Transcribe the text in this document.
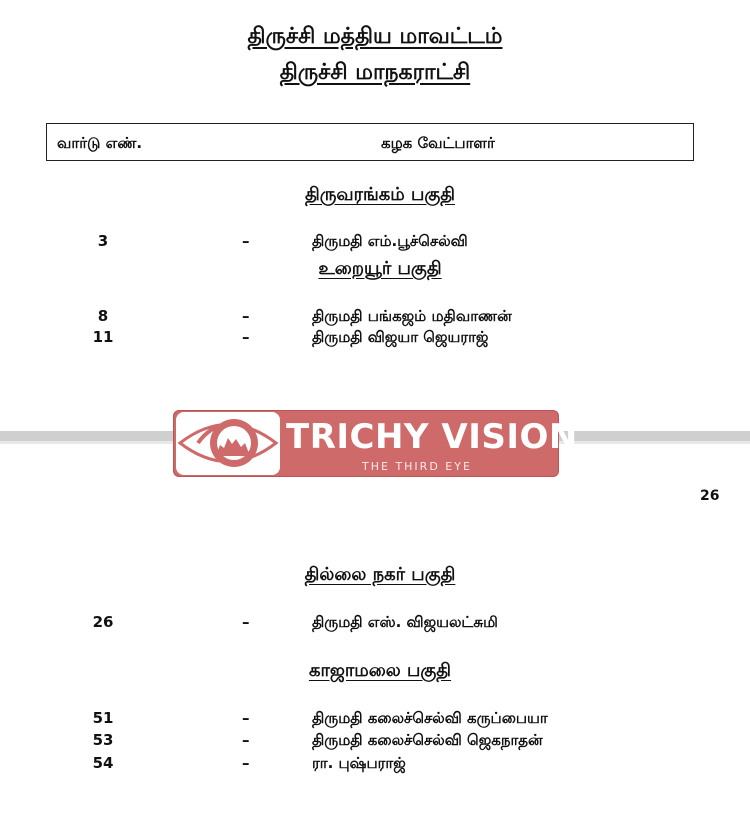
திருச்சி மத்திய மாவட்டம்
திருச்சி மாநகராட்சி
வார்டு எண்.	கழக வேட்பாளர்
திருவரங்கம் பகுதி
3	–	திருமதி எம்.பூச்செல்வி
உறையூர் பகுதி
8	–	திருமதி பங்கஜம் மதிவாணன்
11	–	திருமதி விஜயா ஜெயராஜ்
TRICHY VISION
THE THIRD EYE
26
தில்லை நகர் பகுதி
26	–	திருமதி எஸ். விஜயலட்சுமி
காஜாமலை பகுதி
51	–	திருமதி கலைச்செல்வி கருப்பையா
53	–	திருமதி கலைச்செல்வி ஜெகநாதன்
54	–	ரா. புஷ்பராஜ்
